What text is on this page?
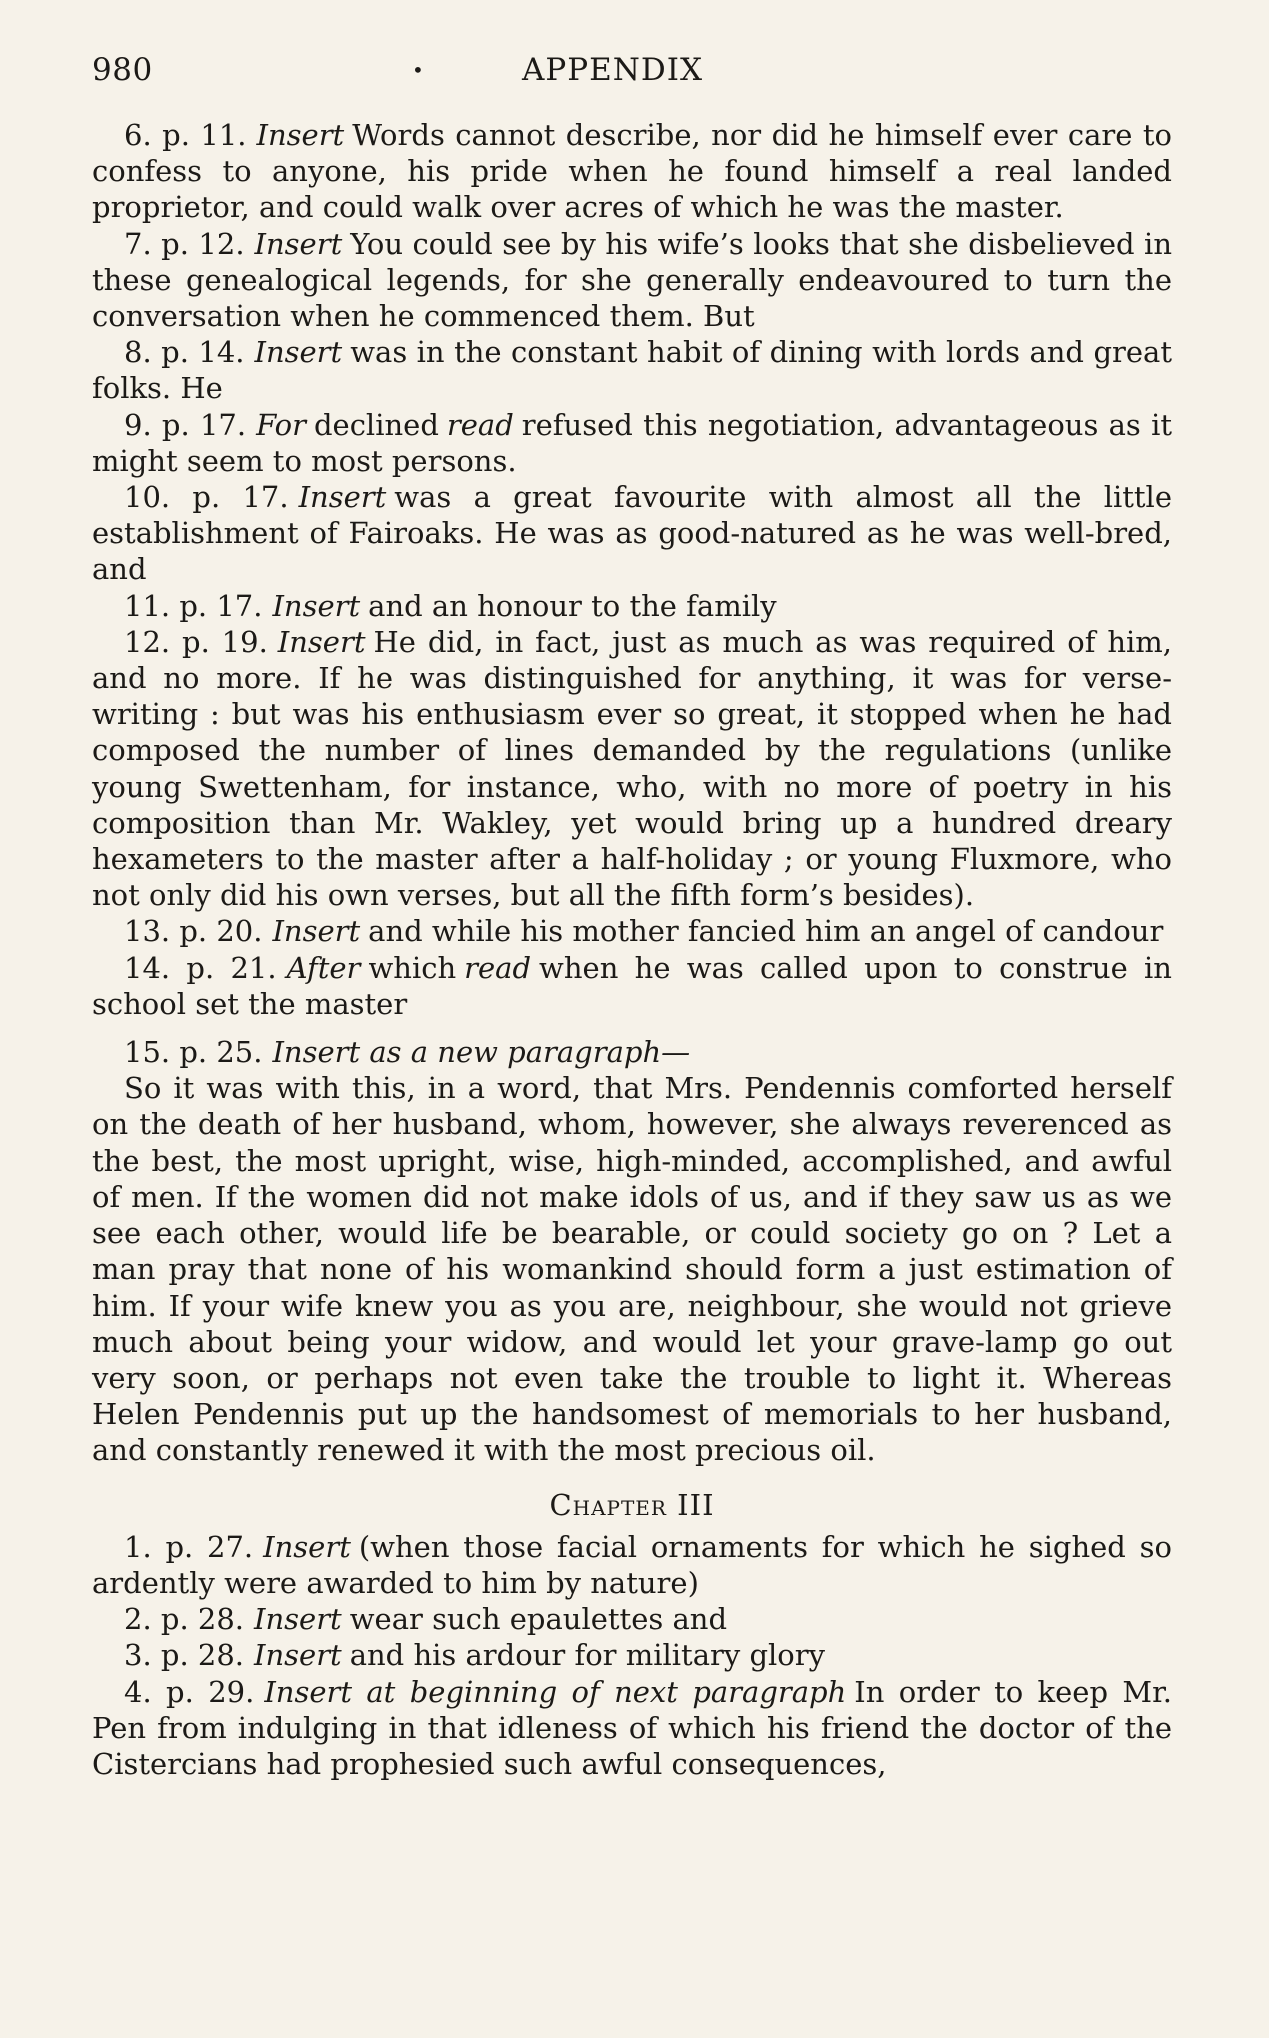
980	•	APPENDIX

6. p. 11. Insert Words cannot describe, nor did he himself ever care to confess to anyone, his pride when he found himself a real landed proprietor, and could walk over acres of which he was the master.

7. p. 12. Insert You could see by his wife’s looks that she disbelieved in these genealogical legends, for she generally endeavoured to turn the conversation when he commenced them. But

8. p. 14. Insert was in the constant habit of dining with lords and great folks. He

9. p. 17. For declined read refused this negotiation, advantageous as it might seem to most persons.

10. p. 17. Insert was a great favourite with almost all the little establishment of Fairoaks. He was as good-natured as he was well-bred, and

11. p. 17. Insert and an honour to the family

12. p. 19. Insert He did, in fact, just as much as was required of him, and no more. If he was distinguished for anything, it was for verse-writing : but was his enthusiasm ever so great, it stopped when he had composed the number of lines demanded by the regulations (unlike young Swettenham, for instance, who, with no more of poetry in his composition than Mr. Wakley, yet would bring up a hundred dreary hexameters to the master after a half-holiday ; or young Fluxmore, who not only did his own verses, but all the fifth form’s besides).

13. p. 20. Insert and while his mother fancied him an angel of candour

14. p. 21. After which read when he was called upon to construe in school set the master

15. p. 25. Insert as a new paragraph—

So it was with this, in a word, that Mrs. Pendennis comforted herself on the death of her husband, whom, however, she always reverenced as the best, the most upright, wise, high-minded, accomplished, and awful of men. If the women did not make idols of us, and if they saw us as we see each other, would life be bearable, or could society go on ? Let a man pray that none of his womankind should form a just estimation of him. If your wife knew you as you are, neighbour, she would not grieve much about being your widow, and would let your grave-lamp go out very soon, or perhaps not even take the trouble to light it. Whereas Helen Pendennis put up the handsomest of memorials to her husband, and constantly renewed it with the most precious oil.

Chapter III

1. p. 27. Insert (when those facial ornaments for which he sighed so ardently were awarded to him by nature)

2. p. 28. Insert wear such epaulettes and

3. p. 28. Insert and his ardour for military glory

4. p. 29. Insert at beginning of next paragraph In order to keep Mr. Pen from indulging in that idleness of which his friend the doctor of the Cistercians had prophesied such awful consequences,
